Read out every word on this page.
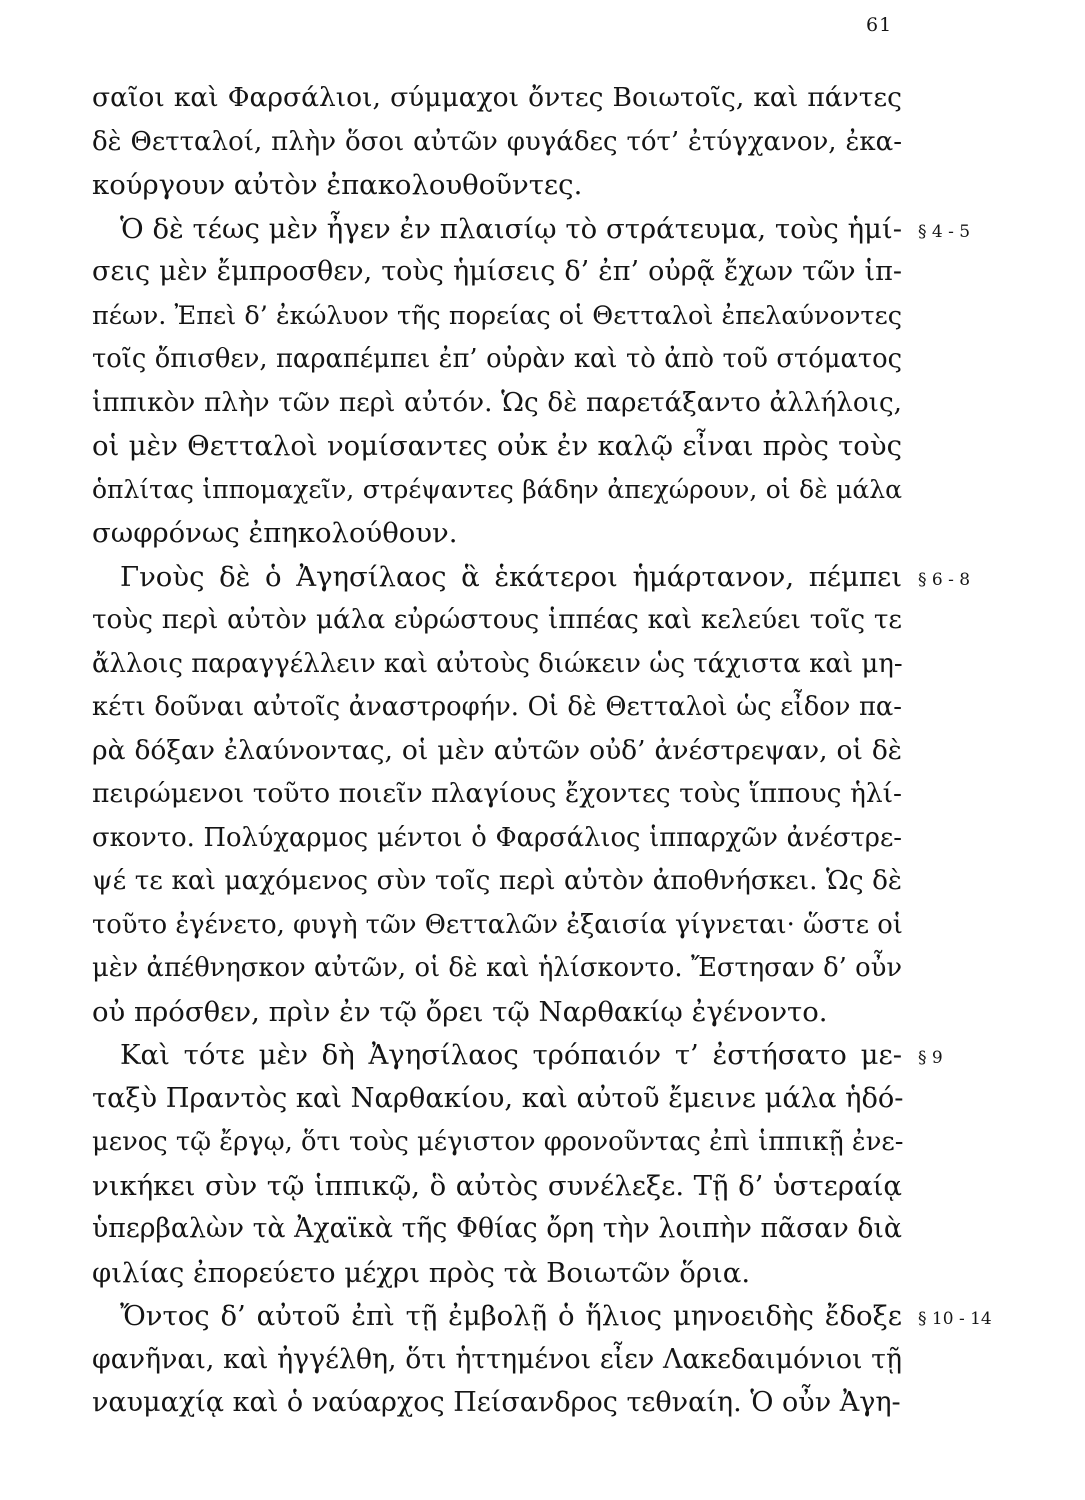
61
σαῖοι καὶ Φαρσάλιοι, σύμμαχοι ὄντες Βοιωτοῖς, καὶ πάντες
δὲ Θετταλοί, πλὴν ὅσοι αὐτῶν φυγάδες τότ’ ἐτύγχανον, ἐκα-
κούργουν αὐτὸν ἐπακολουθοῦντες.
Ὁ δὲ τέως μὲν ἦγεν ἐν πλαισίῳ τὸ στράτευμα, τοὺς ἡμί-
σεις μὲν ἔμπροσθεν, τοὺς ἡμίσεις δ’ ἐπ’ οὐρᾷ ἔχων τῶν ἱπ-
πέων. Ἐπεὶ δ’ ἐκώλυον τῆς πορείας οἱ Θετταλοὶ ἐπελαύνοντες
τοῖς ὄπισθεν, παραπέμπει ἐπ’ οὐρὰν καὶ τὸ ἀπὸ τοῦ στόματος
ἱππικὸν πλὴν τῶν περὶ αὐτόν. Ὡς δὲ παρετάξαντο ἀλλήλοις,
οἱ μὲν Θετταλοὶ νομίσαντες οὐκ ἐν καλῷ εἶναι πρὸς τοὺς
ὁπλίτας ἱππομαχεῖν, στρέψαντες βάδην ἀπεχώρουν, οἱ δὲ μάλα
σωφρόνως ἐπηκολούθουν.
Γνοὺς δὲ ὁ Ἀγησίλαος ἃ ἑκάτεροι ἡμάρτανον, πέμπει
τοὺς περὶ αὐτὸν μάλα εὐρώστους ἱππέας καὶ κελεύει τοῖς τε
ἄλλοις παραγγέλλειν καὶ αὐτοὺς διώκειν ὡς τάχιστα καὶ μη-
κέτι δοῦναι αὐτοῖς ἀναστροφήν. Οἱ δὲ Θετταλοὶ ὡς εἶδον πα-
ρὰ δόξαν ἐλαύνοντας, οἱ μὲν αὐτῶν οὐδ’ ἀνέστρεψαν, οἱ δὲ
πειρώμενοι τοῦτο ποιεῖν πλαγίους ἔχοντες τοὺς ἵππους ἡλί-
σκοντο. Πολύχαρμος μέντοι ὁ Φαρσάλιος ἱππαρχῶν ἀνέστρε-
ψέ τε καὶ μαχόμενος σὺν τοῖς περὶ αὐτὸν ἀποθνήσκει. Ὡς δὲ
τοῦτο ἐγένετο, φυγὴ τῶν Θετταλῶν ἐξαισία γίγνεται· ὥστε οἱ
μὲν ἀπέθνησκον αὐτῶν, οἱ δὲ καὶ ἡλίσκοντο. Ἔστησαν δ’ οὖν
οὐ πρόσθεν, πρὶν ἐν τῷ ὄρει τῷ Ναρθακίῳ ἐγένοντο.
Καὶ τότε μὲν δὴ Ἀγησίλαος τρόπαιόν τ’ ἐστήσατο με-
ταξὺ Πραντὸς καὶ Ναρθακίου, καὶ αὐτοῦ ἔμεινε μάλα ἡδό-
μενος τῷ ἔργῳ, ὅτι τοὺς μέγιστον φρονοῦντας ἐπὶ ἱππικῇ ἐνε-
νικήκει σὺν τῷ ἱππικῷ, ὃ αὐτὸς συνέλεξε. Τῇ δ’ ὑστεραίᾳ
ὑπερβαλὼν τὰ Ἀχαϊκὰ τῆς Φθίας ὄρη τὴν λοιπὴν πᾶσαν διὰ
φιλίας ἐπορεύετο μέχρι πρὸς τὰ Βοιωτῶν ὅρια.
Ὄντος δ’ αὐτοῦ ἐπὶ τῇ ἐμβολῇ ὁ ἥλιος μηνοειδὴς ἔδοξε
φανῆναι, καὶ ἠγγέλθη, ὅτι ἡττημένοι εἶεν Λακεδαιμόνιοι τῇ
ναυμαχίᾳ καὶ ὁ ναύαρχος Πείσανδρος τεθναίη. Ὁ οὖν Ἀγη-
§ 4 - 5
§ 6 - 8
§ 9
§ 10 - 14
